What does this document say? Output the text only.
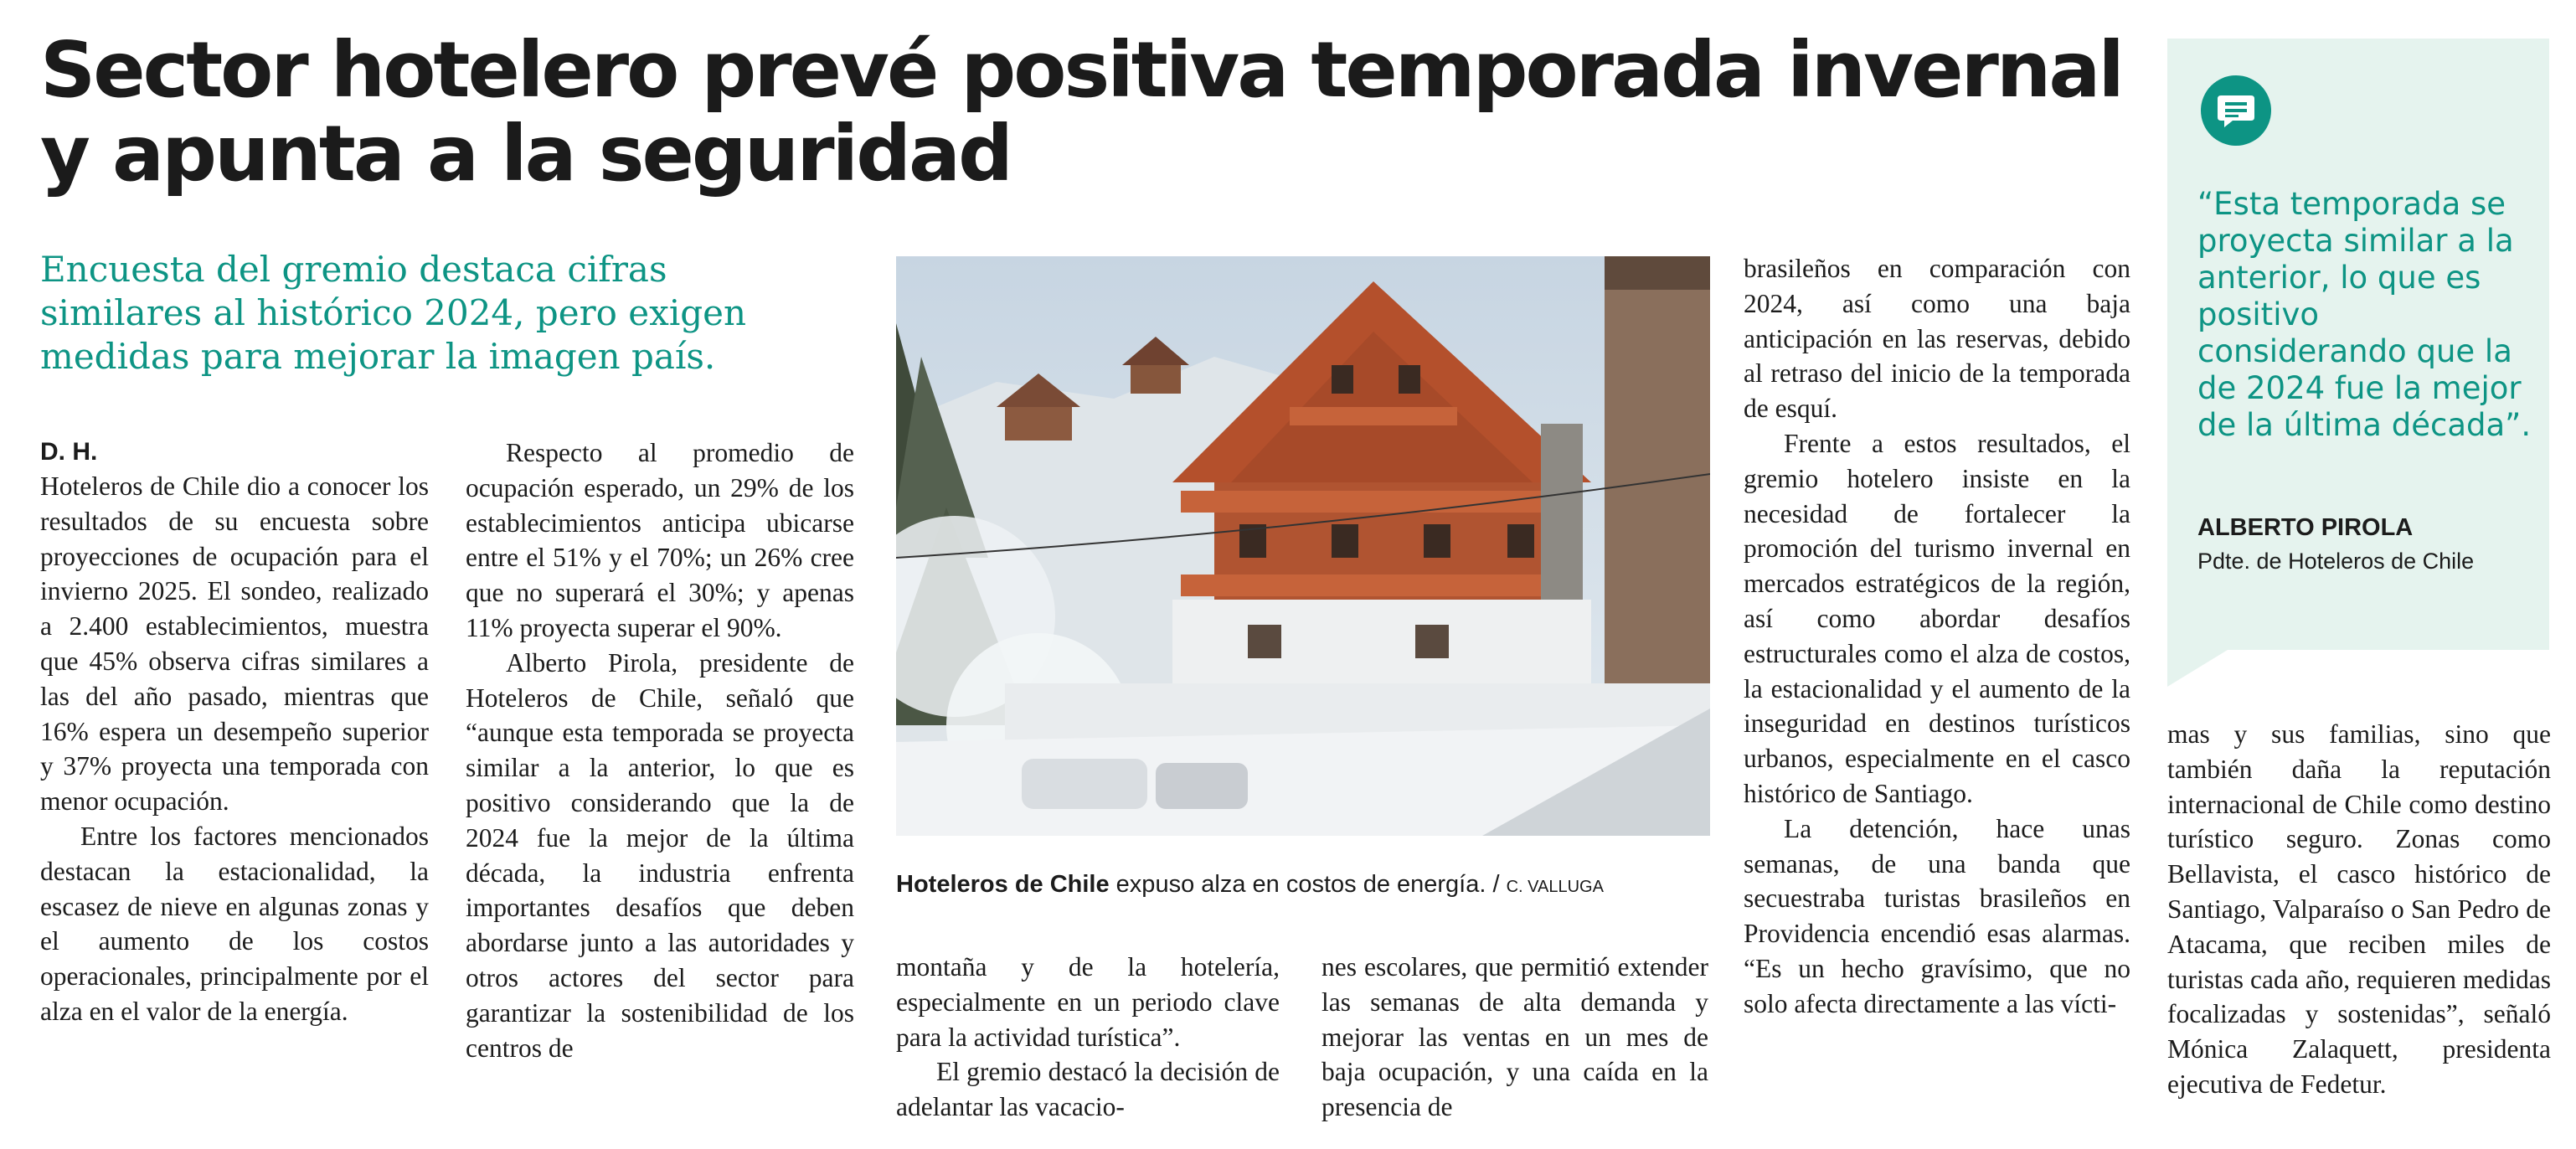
Sector hotelero prevé positiva temporada invernal y apunta a la seguridad

Encuesta del gremio destaca cifras similares al histórico 2024, pero exigen medidas para mejorar la imagen país.

D. H.

Hoteleros de Chile dio a conocer los resultados de su encuesta sobre proyecciones de ocupación para el invierno 2025. El sondeo, realizado a 2.400 establecimientos, muestra que 45% observa cifras similares a las del año pasado, mientras que 16% espera un desempeño superior y 37% proyecta una temporada con menor ocupación.

Entre los factores mencionados destacan la estacionalidad, la escasez de nieve en algunas zonas y el aumento de los costos operacionales, principalmente por el alza en el valor de la energía.

Respecto al promedio de ocupación esperado, un 29% de los establecimientos anticipa ubicarse entre el 51% y el 70%; un 26% cree que no superará el 30%; y apenas 11% proyecta superar el 90%.

Alberto Pirola, presidente de Hoteleros de Chile, señaló que “aunque esta temporada se proyecta similar a la anterior, lo que es positivo considerando que la de 2024 fue la mejor de la última década, la industria enfrenta importantes desafíos que deben abordarse junto a las autoridades y otros actores del sector para garantizar la sostenibilidad de los centros de

Hoteleros de Chile expuso alza en costos de energía. / C. VALLUGA

montaña y de la hotelería, especialmente en un periodo clave para la actividad turística”.

El gremio destacó la decisión de adelantar las vacacio-

nes escolares, que permitió extender las semanas de alta demanda y mejorar las ventas en un mes de baja ocupación, y una caída en la presencia de

brasileños en comparación con 2024, así como una baja anticipación en las reservas, debido al retraso del inicio de la temporada de esquí.

Frente a estos resultados, el gremio hotelero insiste en la necesidad de fortalecer la promoción del turismo invernal en mercados estratégicos de la región, así como abordar desafíos estructurales como el alza de costos, la estacionalidad y el aumento de la inseguridad en destinos turísticos urbanos, especialmente en el casco histórico de Santiago.

La detención, hace unas semanas, de una banda que secuestraba turistas brasileños en Providencia encendió esas alarmas. “Es un hecho gravísimo, que no solo afecta directamente a las vícti-

“Esta temporada se proyecta similar a la anterior, lo que es positivo considerando que la de 2024 fue la mejor de la última década”.

ALBERTO PIROLA

Pdte. de Hoteleros de Chile

mas y sus familias, sino que también daña la reputación internacional de Chile como destino turístico seguro. Zonas como Bellavista, el casco histórico de Santiago, Valparaíso o San Pedro de Atacama, que reciben miles de turistas cada año, requieren medidas focalizadas y sostenidas”, señaló Mónica Zalaquett, presidenta ejecutiva de Fedetur.
